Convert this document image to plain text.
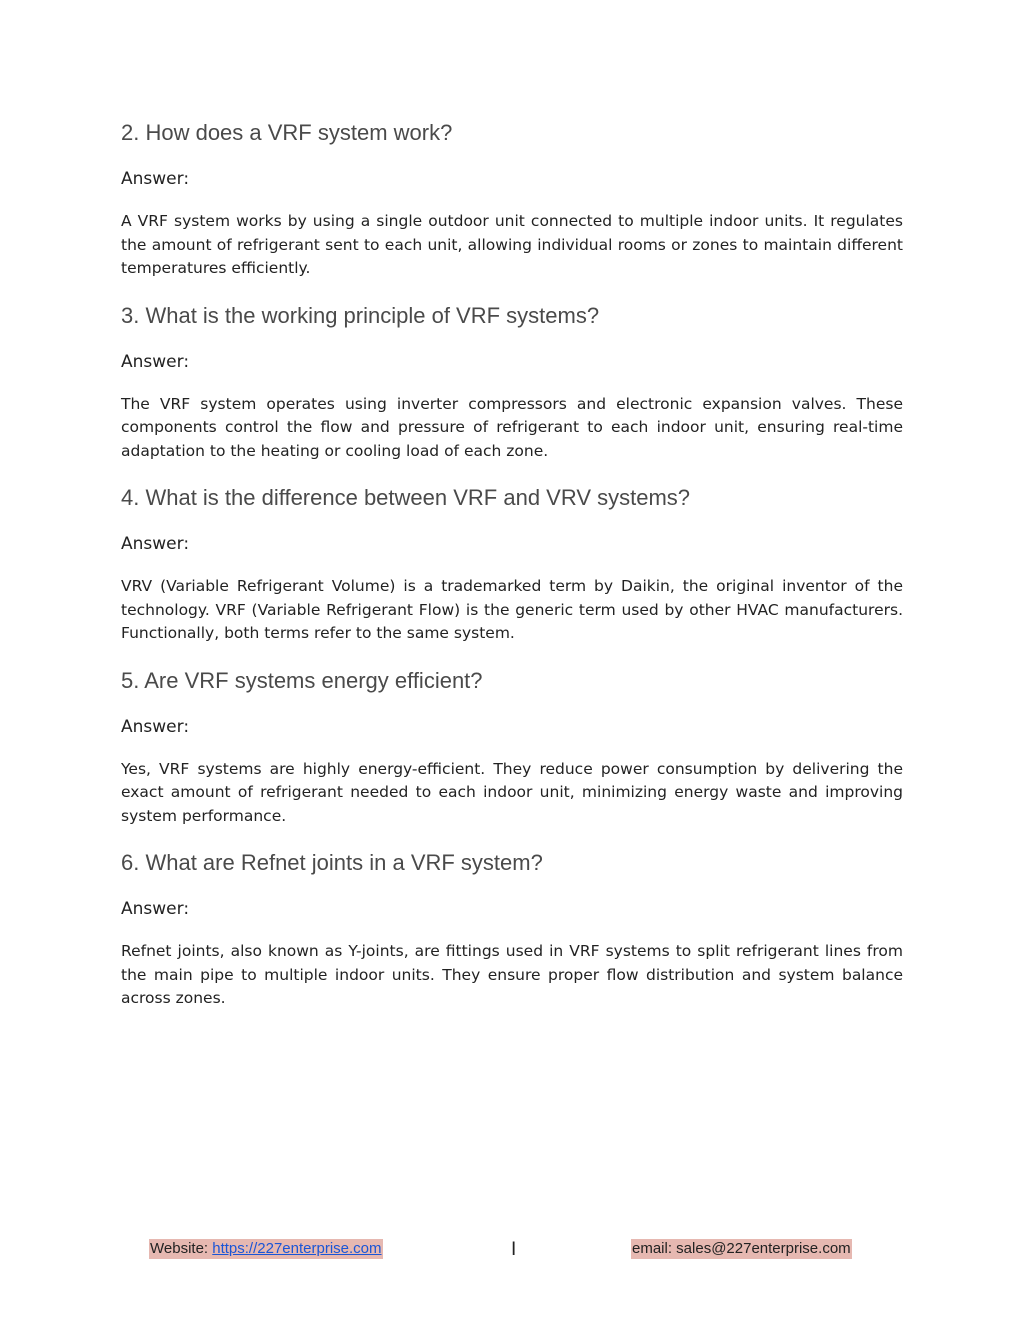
2. How does a VRF system work?

Answer:

A VRF system works by using a single outdoor unit connected to multiple indoor units. It regulates the amount of refrigerant sent to each unit, allowing individual rooms or zones to maintain different temperatures efficiently.

3. What is the working principle of VRF systems?

Answer:

The VRF system operates using inverter compressors and electronic expansion valves. These components control the flow and pressure of refrigerant to each indoor unit, ensuring real-time adaptation to the heating or cooling load of each zone.

4. What is the difference between VRF and VRV systems?

Answer:

VRV (Variable Refrigerant Volume) is a trademarked term by Daikin, the original inventor of the technology. VRF (Variable Refrigerant Flow) is the generic term used by other HVAC manufacturers. Functionally, both terms refer to the same system.

5. Are VRF systems energy efficient?

Answer:

Yes, VRF systems are highly energy-efficient. They reduce power consumption by delivering the exact amount of refrigerant needed to each indoor unit, minimizing energy waste and improving system performance.

6. What are Refnet joints in a VRF system?

Answer:

Refnet joints, also known as Y-joints, are fittings used in VRF systems to split refrigerant lines from the main pipe to multiple indoor units. They ensure proper flow distribution and system balance across zones.

Website: https://227enterprise.com	I	email: sales@227enterprise.com
